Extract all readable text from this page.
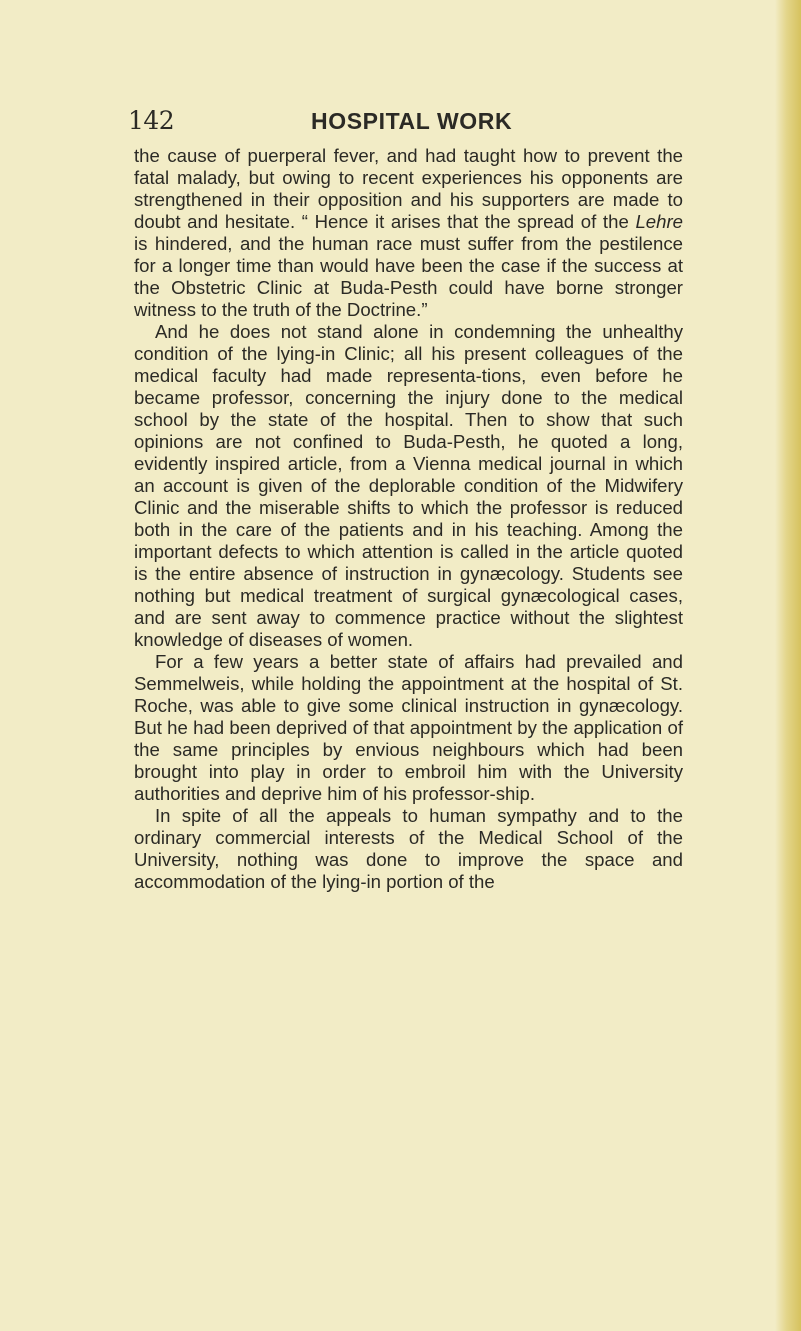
142	HOSPITAL WORK

the cause of puerperal fever, and had taught how to prevent the fatal malady, but owing to recent experiences his opponents are strengthened in their opposition and his supporters are made to doubt and hesitate. “ Hence it arises that the spread of the Lehre is hindered, and the human race must suffer from the pestilence for a longer time than would have been the case if the success at the Obstetric Clinic at Buda-Pesth could have borne stronger witness to the truth of the Doctrine.”

And he does not stand alone in condemning the unhealthy condition of the lying-in Clinic; all his present colleagues of the medical faculty had made representa-tions, even before he became professor, concerning the injury done to the medical school by the state of the hospital. Then to show that such opinions are not confined to Buda-Pesth, he quoted a long, evidently inspired article, from a Vienna medical journal in which an account is given of the deplorable condition of the Midwifery Clinic and the miserable shifts to which the professor is reduced both in the care of the patients and in his teaching. Among the important defects to which attention is called in the article quoted is the entire absence of instruction in gynæcology. Students see nothing but medical treatment of surgical gynæcological cases, and are sent away to commence practice without the slightest knowledge of diseases of women.

For a few years a better state of affairs had prevailed and Semmelweis, while holding the appointment at the hospital of St. Roche, was able to give some clinical instruction in gynæcology. But he had been deprived of that appointment by the application of the same principles by envious neighbours which had been brought into play in order to embroil him with the University authorities and deprive him of his professor-ship.

In spite of all the appeals to human sympathy and to the ordinary commercial interests of the Medical School of the University, nothing was done to improve the space and accommodation of the lying-in portion of the
